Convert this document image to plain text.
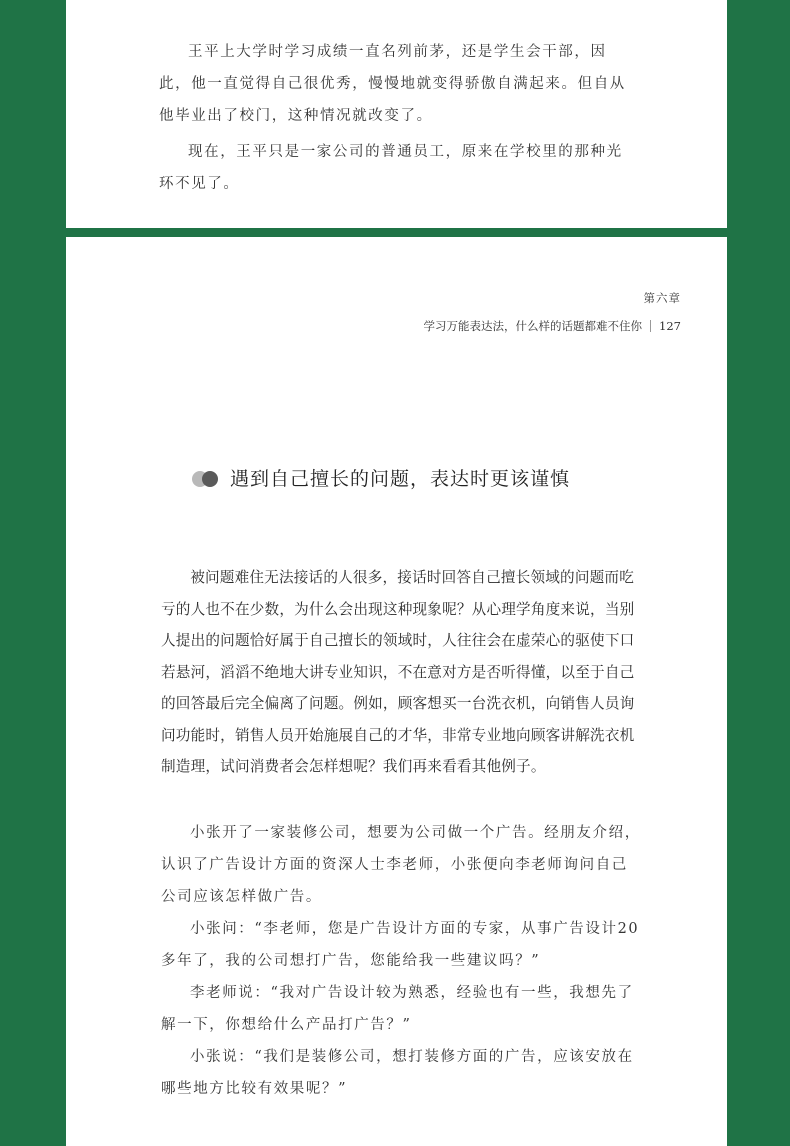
王平上大学时学习成绩一直名列前茅，还是学生会干部，因此，他一直觉得自己很优秀，慢慢地就变得骄傲自满起来。但自从他毕业出了校门，这种情况就改变了。

现在，王平只是一家公司的普通员工，原来在学校里的那种光环不见了。

第六章
学习万能表达法，什么样的话题都难不住你 127
遇到自己擅长的问题，表达时更该谨慎

被问题难住无法接话的人很多，接话时回答自己擅长领域的问题而吃亏的人也不在少数，为什么会出现这种现象呢？从心理学角度来说，当别人提出的问题恰好属于自己擅长的领域时，人往往会在虚荣心的驱使下口若悬河，滔滔不绝地大讲专业知识，不在意对方是否听得懂，以至于自己的回答最后完全偏离了问题。例如，顾客想买一台洗衣机，向销售人员询问功能时，销售人员开始施展自己的才华，非常专业地向顾客讲解洗衣机制造理，试问消费者会怎样想呢？我们再来看看其他例子。

小张开了一家装修公司，想要为公司做一个广告。经朋友介绍，认识了广告设计方面的资深人士李老师，小张便向李老师询问自己公司应该怎样做广告。

小张问：“李老师，您是广告设计方面的专家，从事广告设计20多年了，我的公司想打广告，您能给我一些建议吗？”

李老师说：“我对广告设计较为熟悉，经验也有一些，我想先了解一下，你想给什么产品打广告？”

小张说：“我们是装修公司，想打装修方面的广告，应该安放在哪些地方比较有效果呢？”
